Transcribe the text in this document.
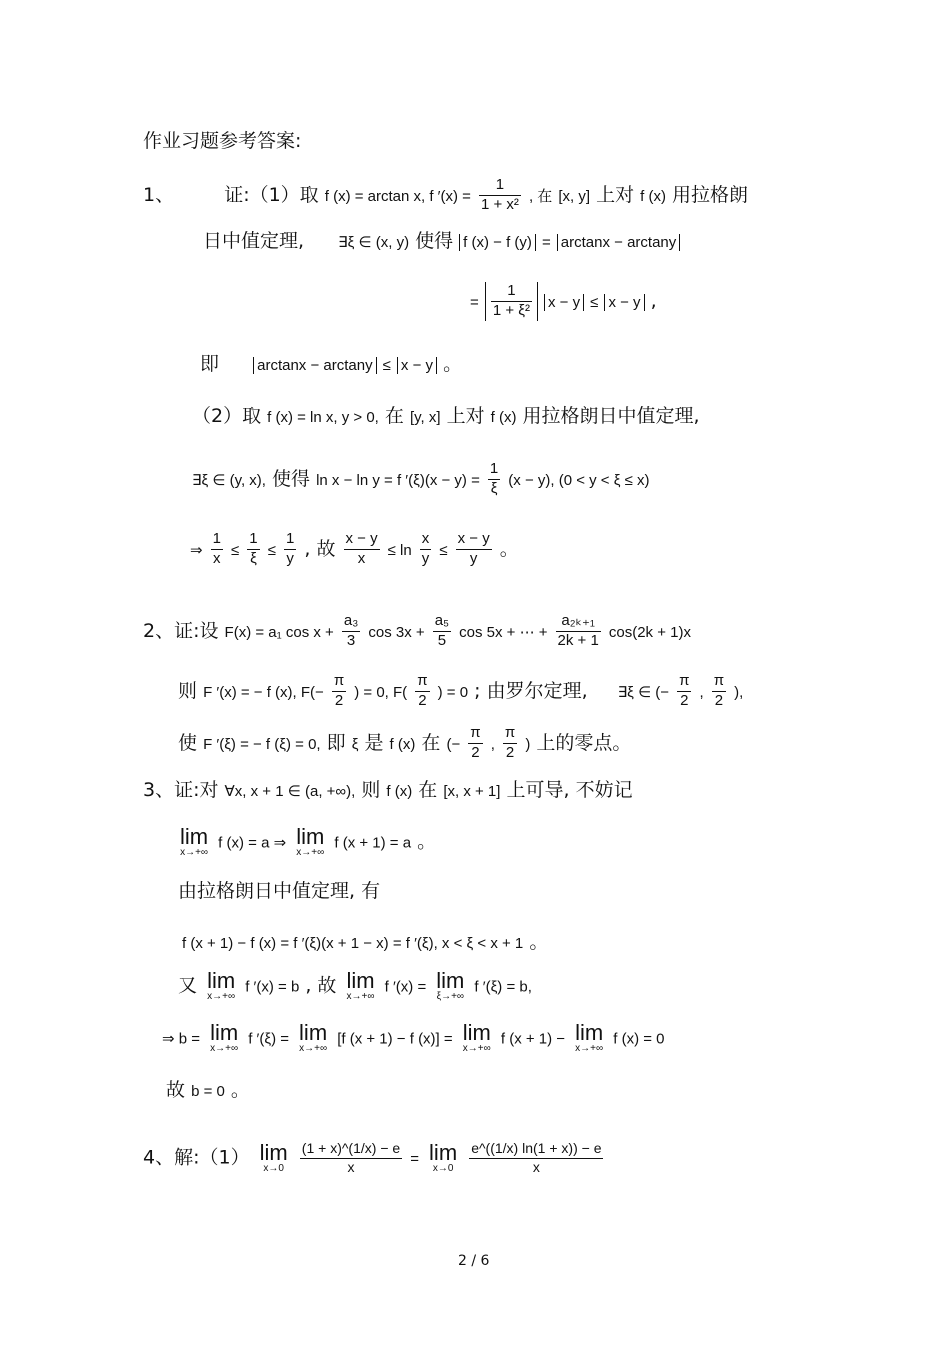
作业习题参考答案:
1、	证:（1）取 f (x) = arctan x, f $'(x) = \frac{1}{\text{1 + x²}}$ , 在 [x, y] 上对 f (x) 用拉格朗
日中值定理, ∃ξ ∈ (x, y) 使得 f (x) − f (y) = arctanx − arctany
= $\frac{1}{\text{1 + ξ²}}$ x − y ≤ x − y ,
即	arctanx − arctany ≤ x − y 。
（2）取 f (x) = ln x, y > 0, 在 [y, x] 上对 f (x) 用拉格朗日中值定理,
∃ξ ∈ (y, x), 使得 ln x − ln y = f $'(\xi)(x - y) = \frac{1}{\xi} (x - y)$, (0 < y < ξ ≤ x)
⇒ $\frac{1}{x} \le \frac{1}{\xi} \le \frac{1}{y}$ , 故 $\frac{x - y}{x} \le \ln \frac{x}{y} \le \frac{x - y}{y}$ 。
2、证:设 F(x) = a₁ $\cos x + \frac{\text{a₃}}{3}$ $\cos 3x + \frac{\text{a₅}}{5}$ cos 5x + ⋯ + $\frac{\text{a₂ₖ₊₁}}{2k + 1} \cos(2k + 1)x$
则 F ′(x) = − f (x), $F(- \frac{\pi}{2}$ ) = 0, $F( \frac{\pi}{2}$ ) = 0 ; 由罗尔定理, ∃ξ ∈ (− $\frac{\pi}{2}$ , $\frac{\pi}{2}$ ),
使 F ′(ξ) = − f (ξ) = 0, 即 ξ 是 f (x) 在 (− $\frac{\pi}{2}$ , $\frac{\pi}{2}$ ) 上的零点。
3、证:对 ∀x, x + 1 ∈ (a, +∞), 则 f (x) 在 [x, x + 1] 上可导, 不妨记
lim
x→+∞
f (x) = a ⇒ lim
x→+∞
f (x + 1) = a 。
由拉格朗日中值定理, 有
f (x + 1) − f (x) = f ′(ξ)(x + 1 − x) = f ′(ξ), x < ξ < x + 1 。
又 lim
x→+∞
f ′(x) = b , 故 lim
x→+∞
f ′(x) = lim
ξ→+∞
f ′(ξ) = b,
⇒ b = lim
x→+∞
f ′(ξ) = lim
x→+∞
[f (x + 1) − f (x)] = lim
x→+∞
f (x + 1) − lim
x→+∞
f (x) = 0
故 b = 0 。
4、解:（1） lim
x→0
$\frac{(1 + x)\^{}(1/x) - e}{x} = \lim$
x→0
$\frac{e\^{}((1/x) \ln(1 + x)) - e}{x}$
2 / 6
